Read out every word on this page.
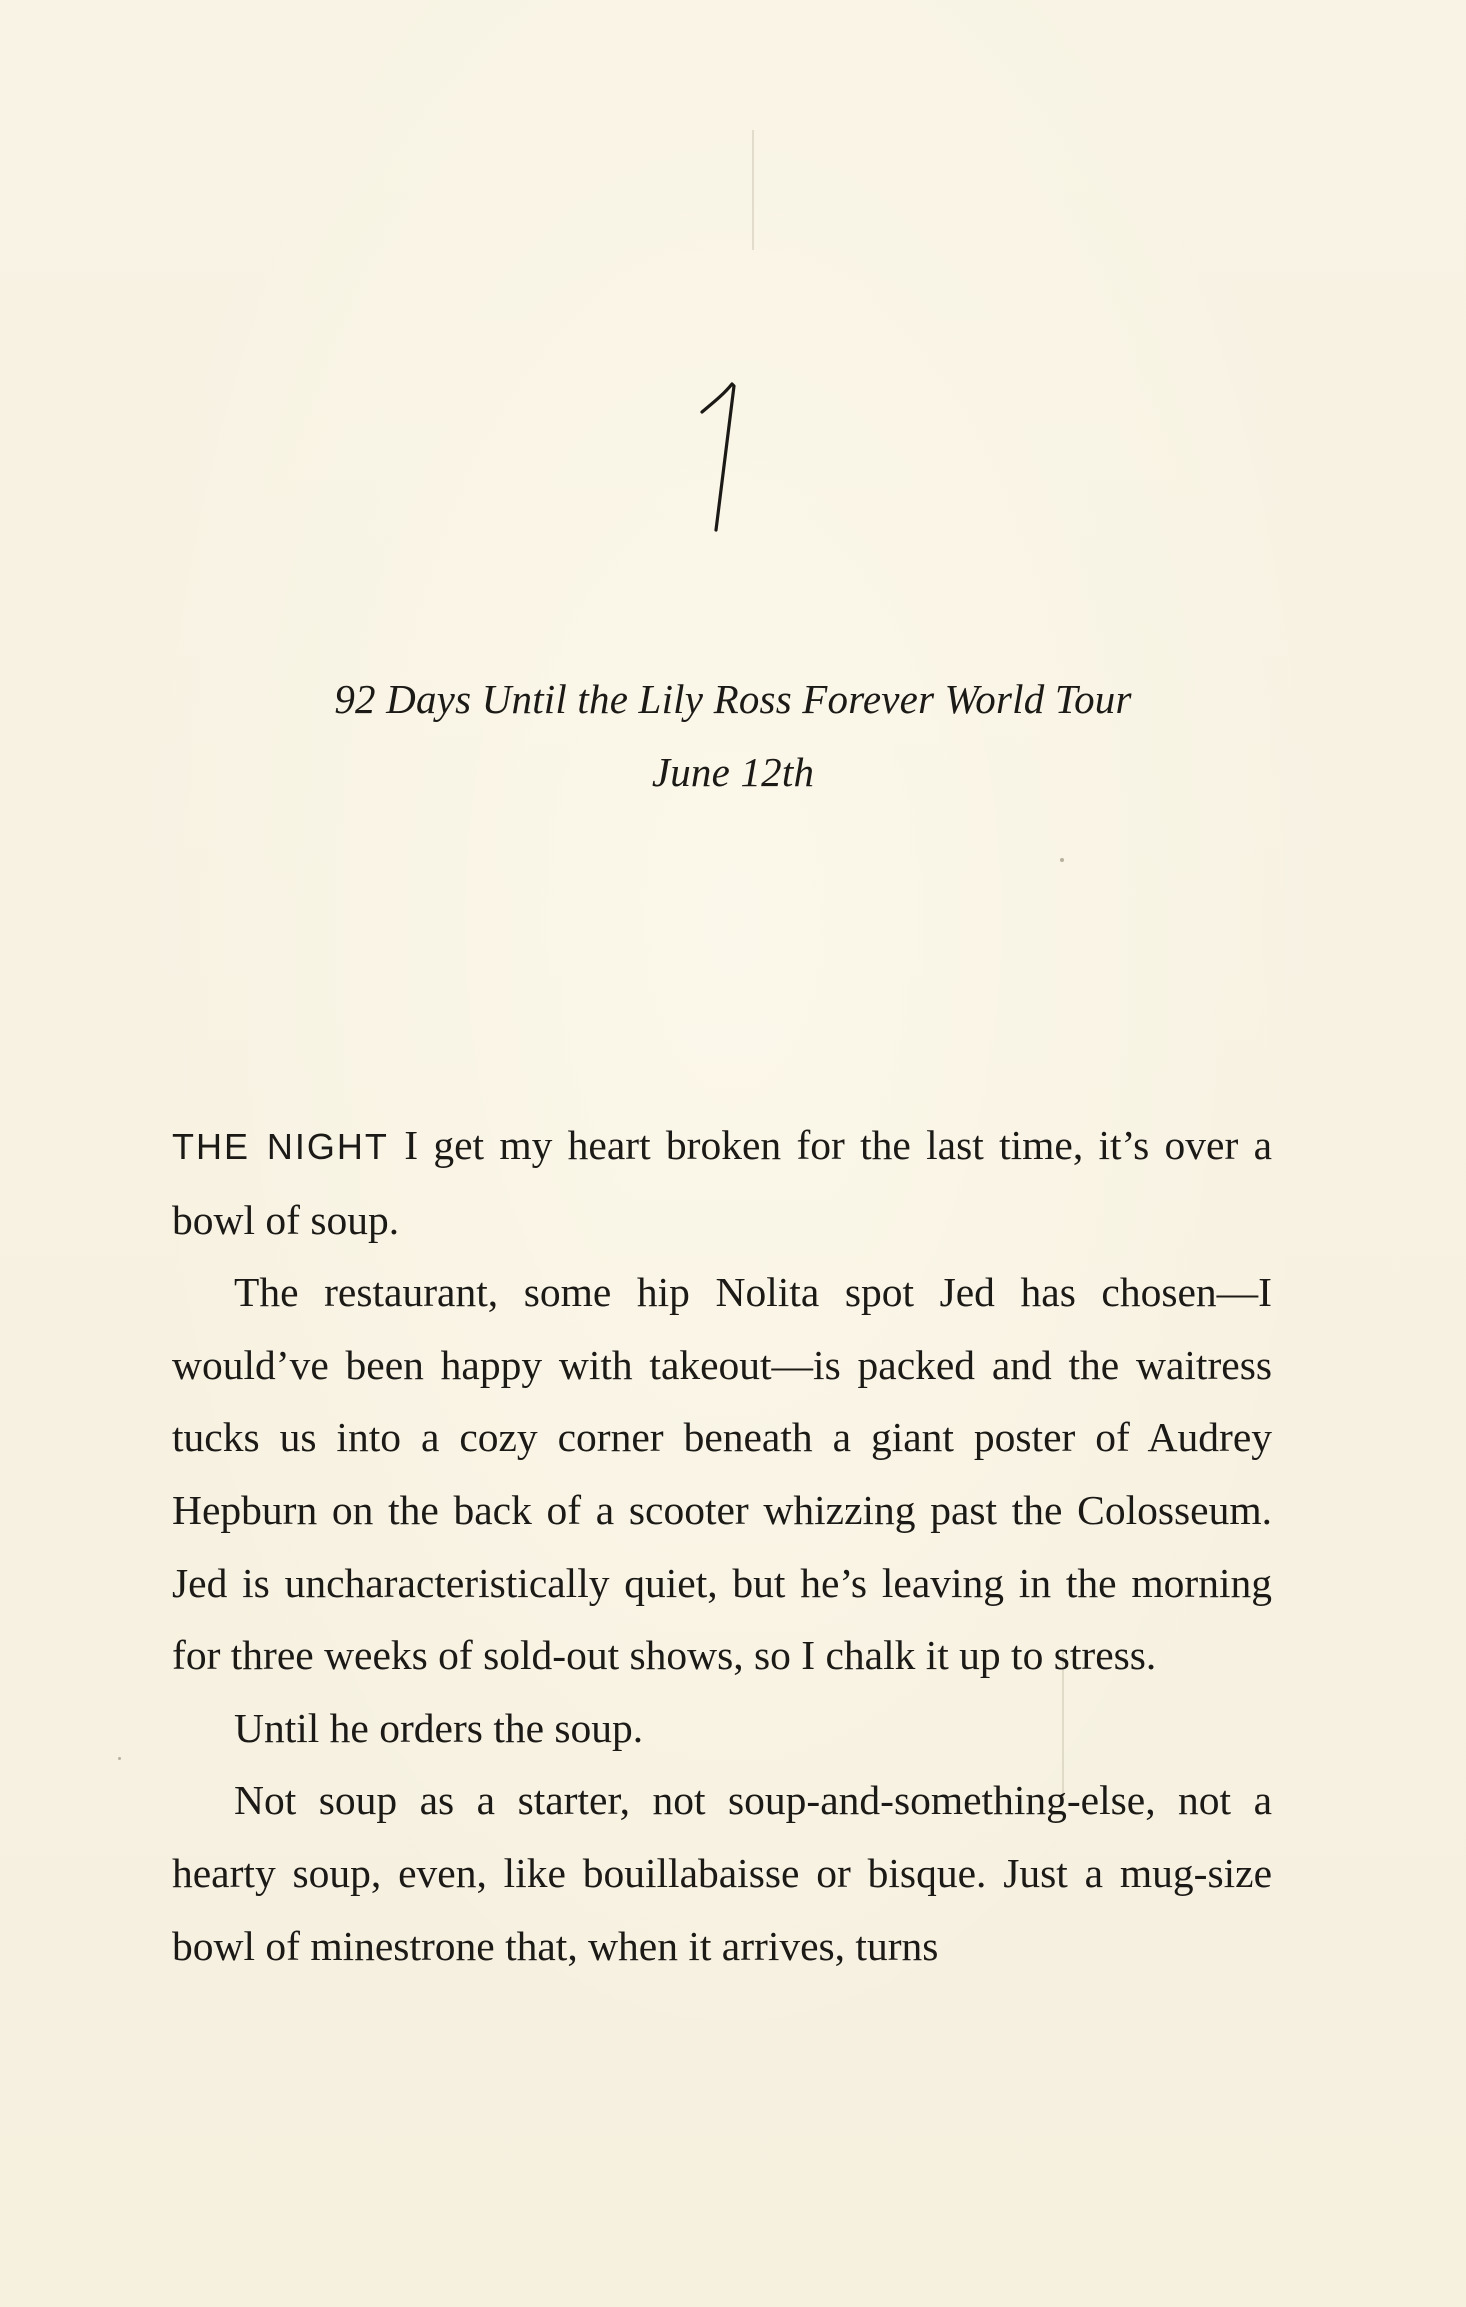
92 Days Until the Lily Ross Forever World Tour
June 12th

THE NIGHT I get my heart broken for the last time, it’s over a bowl of soup.

The restaurant, some hip Nolita spot Jed has chosen—I would’ve been happy with takeout—is packed and the waitress tucks us into a cozy corner beneath a giant poster of Audrey Hepburn on the back of a scooter whizzing past the Colosseum. Jed is uncharacteristically quiet, but he’s leaving in the morning for three weeks of sold-out shows, so I chalk it up to stress.

Until he orders the soup.

Not soup as a starter, not soup-and-something-else, not a hearty soup, even, like bouillabaisse or bisque. Just a mug-size bowl of minestrone that, when it arrives, turns
